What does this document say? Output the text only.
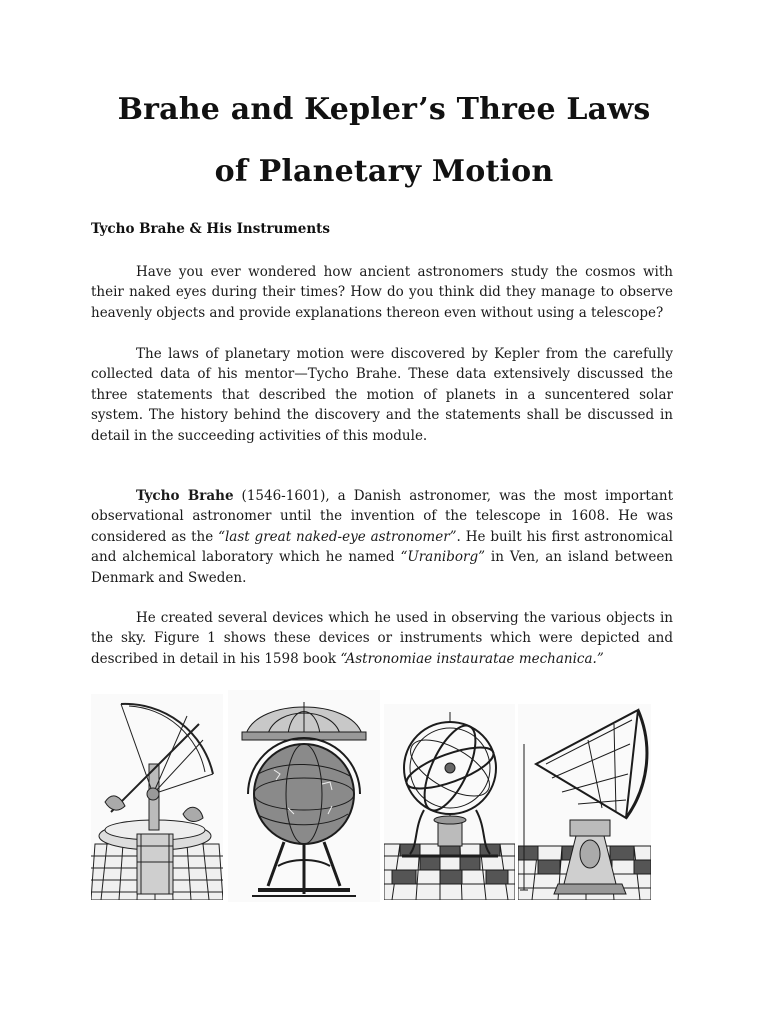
Brahe and Kepler’s Three Laws
of Planetary Motion
Tycho Brahe & His Instruments
Have you ever wondered how ancient astronomers study the cosmos with their naked eyes during their times? How do you think did they manage to observe heavenly objects and provide explanations thereon even without using a telescope?
The laws of planetary motion were discovered by Kepler from the carefully collected data of his mentor—Tycho Brahe. These data extensively discussed the three statements that described the motion of planets in a suncentered solar system. The history behind the discovery and the statements shall be discussed in detail in the succeeding activities of this module.
Tycho Brahe (1546-1601), a Danish astronomer, was the most important observational astronomer until the invention of the telescope in 1608. He was considered as the “last great naked-eye astronomer”. He built his first astronomical and alchemical laboratory which he named “Uraniborg” in Ven, an island between Denmark and Sweden.
He created several devices which he used in observing the various objects in the sky. Figure 1 shows these devices or instruments which were depicted and described in detail in his 1598 book “Astronomiae instauratae mechanica.”
